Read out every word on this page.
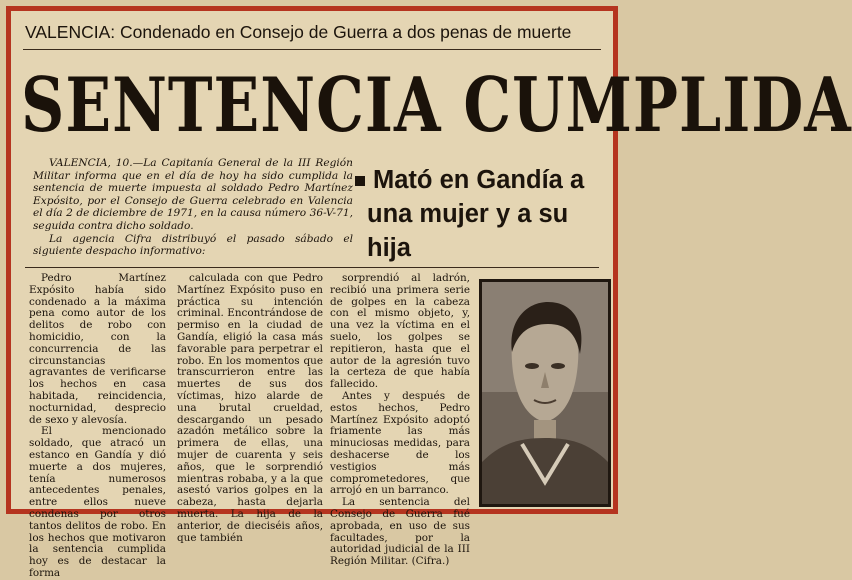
VALENCIA: Condenado en Consejo de Guerra a dos penas de muerte
SENTENCIA CUMPLIDA

VALENCIA, 10.—La Capitanía General de la III Región Militar informa que en el día de hoy ha sido cumplida la sentencia de muerte impuesta al soldado Pedro Martínez Expósito, por el Consejo de Guerra celebrado en Valencia el día 2 de diciembre de 1971, en la causa número 36-V-71, seguida contra dicho soldado.

La agencia Cifra distribuyó el pasado sábado el siguiente despacho informativo:

Mató en Gandía a
una mujer y a su hija

Pedro Martínez Expósito había sido condenado a la máxima pena como autor de los delitos de robo con homicidio, con la concurrencia de las circunstancias agravantes de verificarse los hechos en casa habitada, reincidencia, nocturnidad, desprecio de sexo y alevosía.

El mencionado soldado, que atracó un estanco en Gandía y dió muerte a dos mujeres, tenía numerosos antecedentes penales, entre ellos nueve condenas por otros tantos delitos de robo. En los hechos que motivaron la sentencia cumplida hoy es de destacar la forma

calculada con que Pedro Martínez Expósito puso en práctica su intención criminal. Encontrándose de permiso en la ciudad de Gandía, eligió la casa más favorable para perpetrar el robo. En los momentos que transcurrieron entre las muertes de sus dos víctimas, hizo alarde de una brutal crueldad, descargando un pesado azadón metálico sobre la primera de ellas, una mujer de cuarenta y seis años, que le sorprendió mientras robaba, y a la que asestó varios golpes en la cabeza, hasta dejarla muerta. La hija de la anterior, de dieciséis años, que también

sorprendió al ladrón, recibió una primera serie de golpes en la cabeza con el mismo objeto, y, una vez la víctima en el suelo, los golpes se repitieron, hasta que el autor de la agresión tuvo la certeza de que había fallecido.

Antes y después de estos hechos, Pedro Martínez Expósito adoptó friamente las más minuciosas medidas, para deshacerse de los vestigios más comprometedores, que arrojó en un barranco.

La sentencia del Consejo de Guerra fué aprobada, en uso de sus facultades, por la autoridad judicial de la III Región Militar. (Cifra.)
